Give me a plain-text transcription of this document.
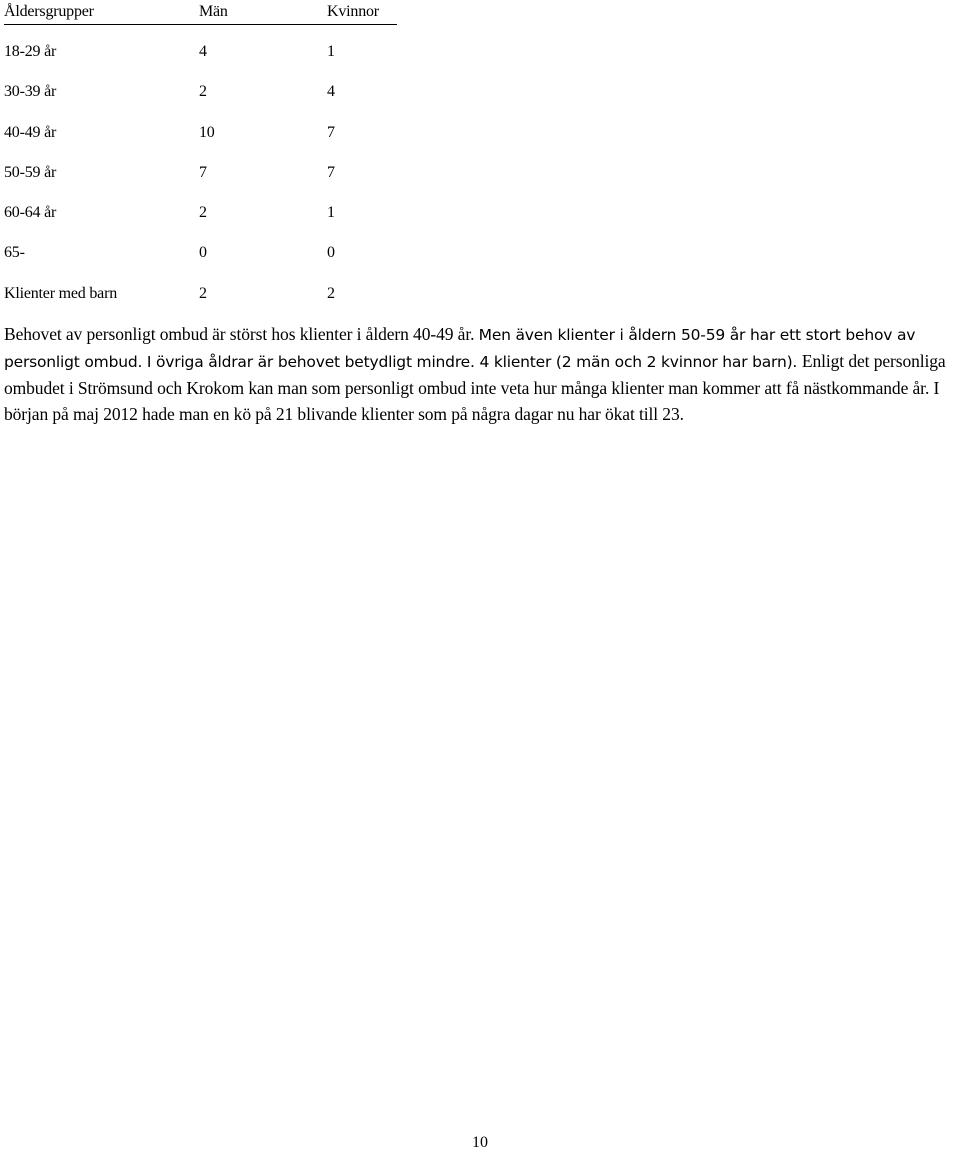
Åldersgrupper	Män	Kvinnor

18-29 år	4	1
30-39 år	2	4
40-49 år	10	7
50-59 år	7	7
60-64 år	2	1
65-	0	0
Klienter med barn	2	2

Behovet av personligt ombud är störst hos klienter i åldern 40-49 år. Men även klienter i åldern 50-59 år har ett stort behov av personligt ombud. I övriga åldrar är behovet betydligt mindre. 4 klienter (2 män och 2 kvinnor har barn). Enligt det personliga ombudet i Strömsund och Krokom kan man som personligt ombud inte veta hur många klienter man kommer att få nästkommande år. I början på maj 2012 hade man en kö på 21 blivande klienter som på några dagar nu har ökat till 23.

10
